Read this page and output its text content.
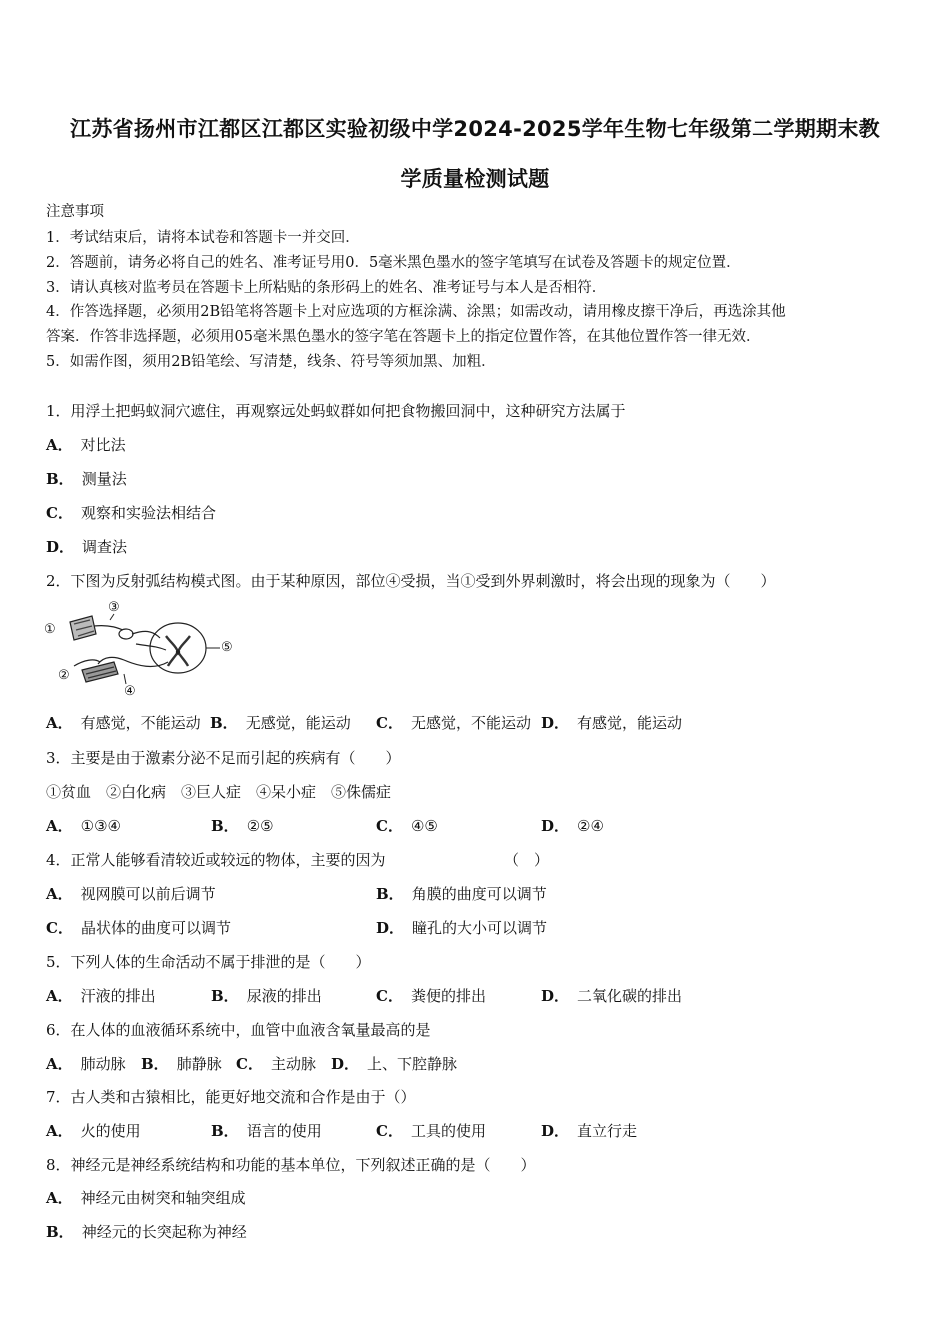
江苏省扬州市江都区江都区实验初级中学2024-2025学年生物七年级第二学期期末教
学质量检测试题
注意事项
1．考试结束后，请将本试卷和答题卡一并交回．
2．答题前，请务必将自己的姓名、准考证号用0．5毫米黑色墨水的签字笔填写在试卷及答题卡的规定位置．
3．请认真核对监考员在答题卡上所粘贴的条形码上的姓名、准考证号与本人是否相符．
4．作答选择题，必须用2B铅笔将答题卡上对应选项的方框涂满、涂黑；如需改动，请用橡皮擦干净后，再选涂其他
答案．作答非选择题，必须用05毫米黑色墨水的签字笔在答题卡上的指定位置作答，在其他位置作答一律无效．
5．如需作图，须用2B铅笔绘、写清楚，线条、符号等须加黑、加粗．
1．用浮土把蚂蚁洞穴遮住，再观察远处蚂蚁群如何把食物搬回洞中，这种研究方法属于
A． 对比法
B． 测量法
C． 观察和实验法相结合
D． 调查法
2．下图为反射弧结构模式图。由于某种原因，部位④受损，当①受到外界刺激时，将会出现的现象为（　　）
①
②
③
④
⑤
A． 有感觉，不能运动 B． 无感觉，能运动 C． 无感觉，不能运动 D． 有感觉，能运动
3．主要是由于激素分泌不足而引起的疾病有（　　）
①贫血　②白化病　③巨人症　④呆小症　⑤侏儒症
A． ①③④	B． ②⑤	C． ④⑤	D． ②④
4．正常人能够看清较近或较远的物体，主要的因为	（　）
A． 视网膜可以前后调节	B． 角膜的曲度可以调节
C． 晶状体的曲度可以调节	D． 瞳孔的大小可以调节
5．下列人体的生命活动不属于排泄的是（　　）
A． 汗液的排出	B． 尿液的排出	C． 粪便的排出	D． 二氧化碳的排出
6．在人体的血液循环系统中，血管中血液含氧量最高的是
A． 肺动脉 B． 肺静脉 C． 主动脉 D． 上、下腔静脉
7．古人类和古猿相比，能更好地交流和合作是由于（）
A． 火的使用	B． 语言的使用	C． 工具的使用	D． 直立行走
8．神经元是神经系统结构和功能的基本单位，下列叙述正确的是（　　）
A． 神经元由树突和轴突组成
B． 神经元的长突起称为神经
